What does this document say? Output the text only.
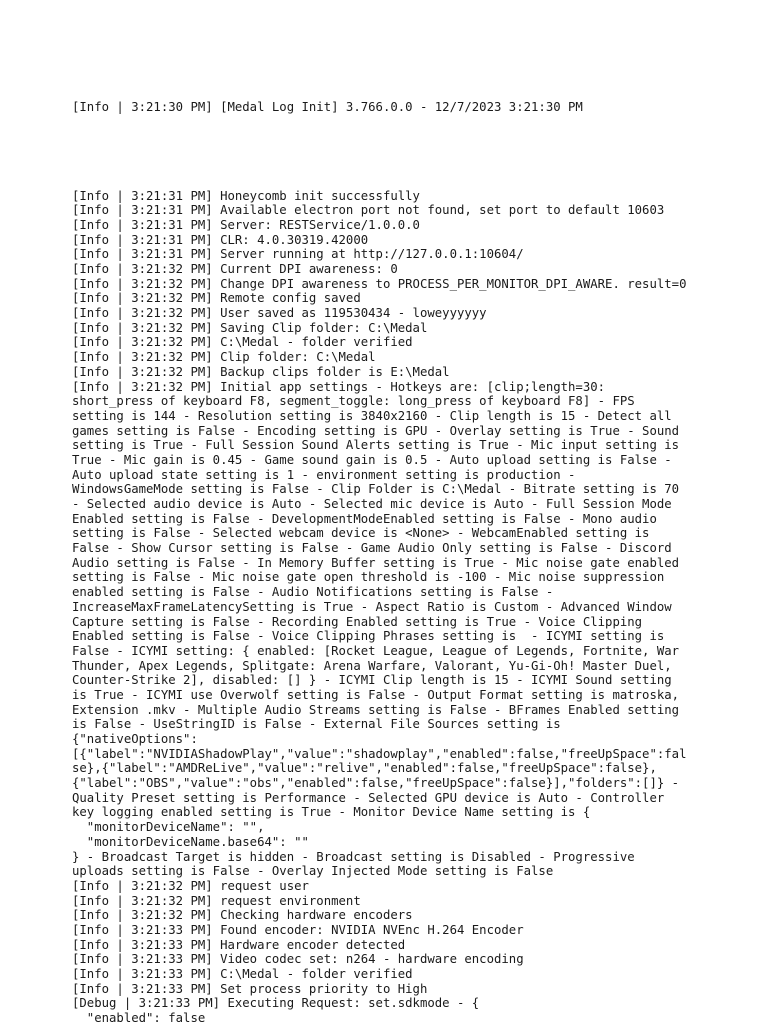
[Info | 3:21:30 PM] [Medal Log Init] 3.766.0.0 - 12/7/2023 3:21:30 PM

[Info | 3:21:31 PM] Honeycomb init successfully
[Info | 3:21:31 PM] Available electron port not found, set port to default 10603
[Info | 3:21:31 PM] Server: RESTService/1.0.0.0
[Info | 3:21:31 PM] CLR: 4.0.30319.42000
[Info | 3:21:31 PM] Server running at http://127.0.0.1:10604/
[Info | 3:21:32 PM] Current DPI awareness: 0
[Info | 3:21:32 PM] Change DPI awareness to PROCESS_PER_MONITOR_DPI_AWARE. result=0
[Info | 3:21:32 PM] Remote config saved
[Info | 3:21:32 PM] User saved as 119530434 - loweyyyyyy
[Info | 3:21:32 PM] Saving Clip folder: C:\Medal
[Info | 3:21:32 PM] C:\Medal - folder verified
[Info | 3:21:32 PM] Clip folder: C:\Medal
[Info | 3:21:32 PM] Backup clips folder is E:\Medal
[Info | 3:21:32 PM] Initial app settings - Hotkeys are: [clip;length=30:
short_press of keyboard F8, segment_toggle: long_press of keyboard F8] - FPS
setting is 144 - Resolution setting is 3840x2160 - Clip length is 15 - Detect all
games setting is False - Encoding setting is GPU - Overlay setting is True - Sound
setting is True - Full Session Sound Alerts setting is True - Mic input setting is
True - Mic gain is 0.45 - Game sound gain is 0.5 - Auto upload setting is False -
Auto upload state setting is 1 - environment setting is production -
WindowsGameMode setting is False - Clip Folder is C:\Medal - Bitrate setting is 70
- Selected audio device is Auto - Selected mic device is Auto - Full Session Mode
Enabled setting is False - DevelopmentModeEnabled setting is False - Mono audio
setting is False - Selected webcam device is <None> - WebcamEnabled setting is
False - Show Cursor setting is False - Game Audio Only setting is False - Discord
Audio setting is False - In Memory Buffer setting is True - Mic noise gate enabled
setting is False - Mic noise gate open threshold is -100 - Mic noise suppression
enabled setting is False - Audio Notifications setting is False -
IncreaseMaxFrameLatencySetting is True - Aspect Ratio is Custom - Advanced Window
Capture setting is False - Recording Enabled setting is True - Voice Clipping
Enabled setting is False - Voice Clipping Phrases setting is  - ICYMI setting is
False - ICYMI setting: { enabled: [Rocket League, League of Legends, Fortnite, War
Thunder, Apex Legends, Splitgate: Arena Warfare, Valorant, Yu-Gi-Oh! Master Duel,
Counter-Strike 2], disabled: [] } - ICYMI Clip length is 15 - ICYMI Sound setting
is True - ICYMI use Overwolf setting is False - Output Format setting is matroska,
Extension .mkv - Multiple Audio Streams setting is False - BFrames Enabled setting
is False - UseStringID is False - External File Sources setting is
{"nativeOptions":
[{"label":"NVIDIAShadowPlay","value":"shadowplay","enabled":false,"freeUpSpace":fal
se},{"label":"AMDReLive","value":"relive","enabled":false,"freeUpSpace":false},
{"label":"OBS","value":"obs","enabled":false,"freeUpSpace":false}],"folders":[]} -
Quality Preset setting is Performance - Selected GPU device is Auto - Controller
key logging enabled setting is True - Monitor Device Name setting is {
"monitorDeviceName": "",
"monitorDeviceName.base64": ""
} - Broadcast Target is hidden - Broadcast setting is Disabled - Progressive
uploads setting is False - Overlay Injected Mode setting is False
[Info | 3:21:32 PM] request user
[Info | 3:21:32 PM] request environment
[Info | 3:21:32 PM] Checking hardware encoders
[Info | 3:21:33 PM] Found encoder: NVIDIA NVEnc H.264 Encoder
[Info | 3:21:33 PM] Hardware encoder detected
[Info | 3:21:33 PM] Video codec set: n264 - hardware encoding
[Info | 3:21:33 PM] C:\Medal - folder verified
[Info | 3:21:33 PM] Set process priority to High
[Debug | 3:21:33 PM] Executing Request: set.sdkmode - {
"enabled": false
